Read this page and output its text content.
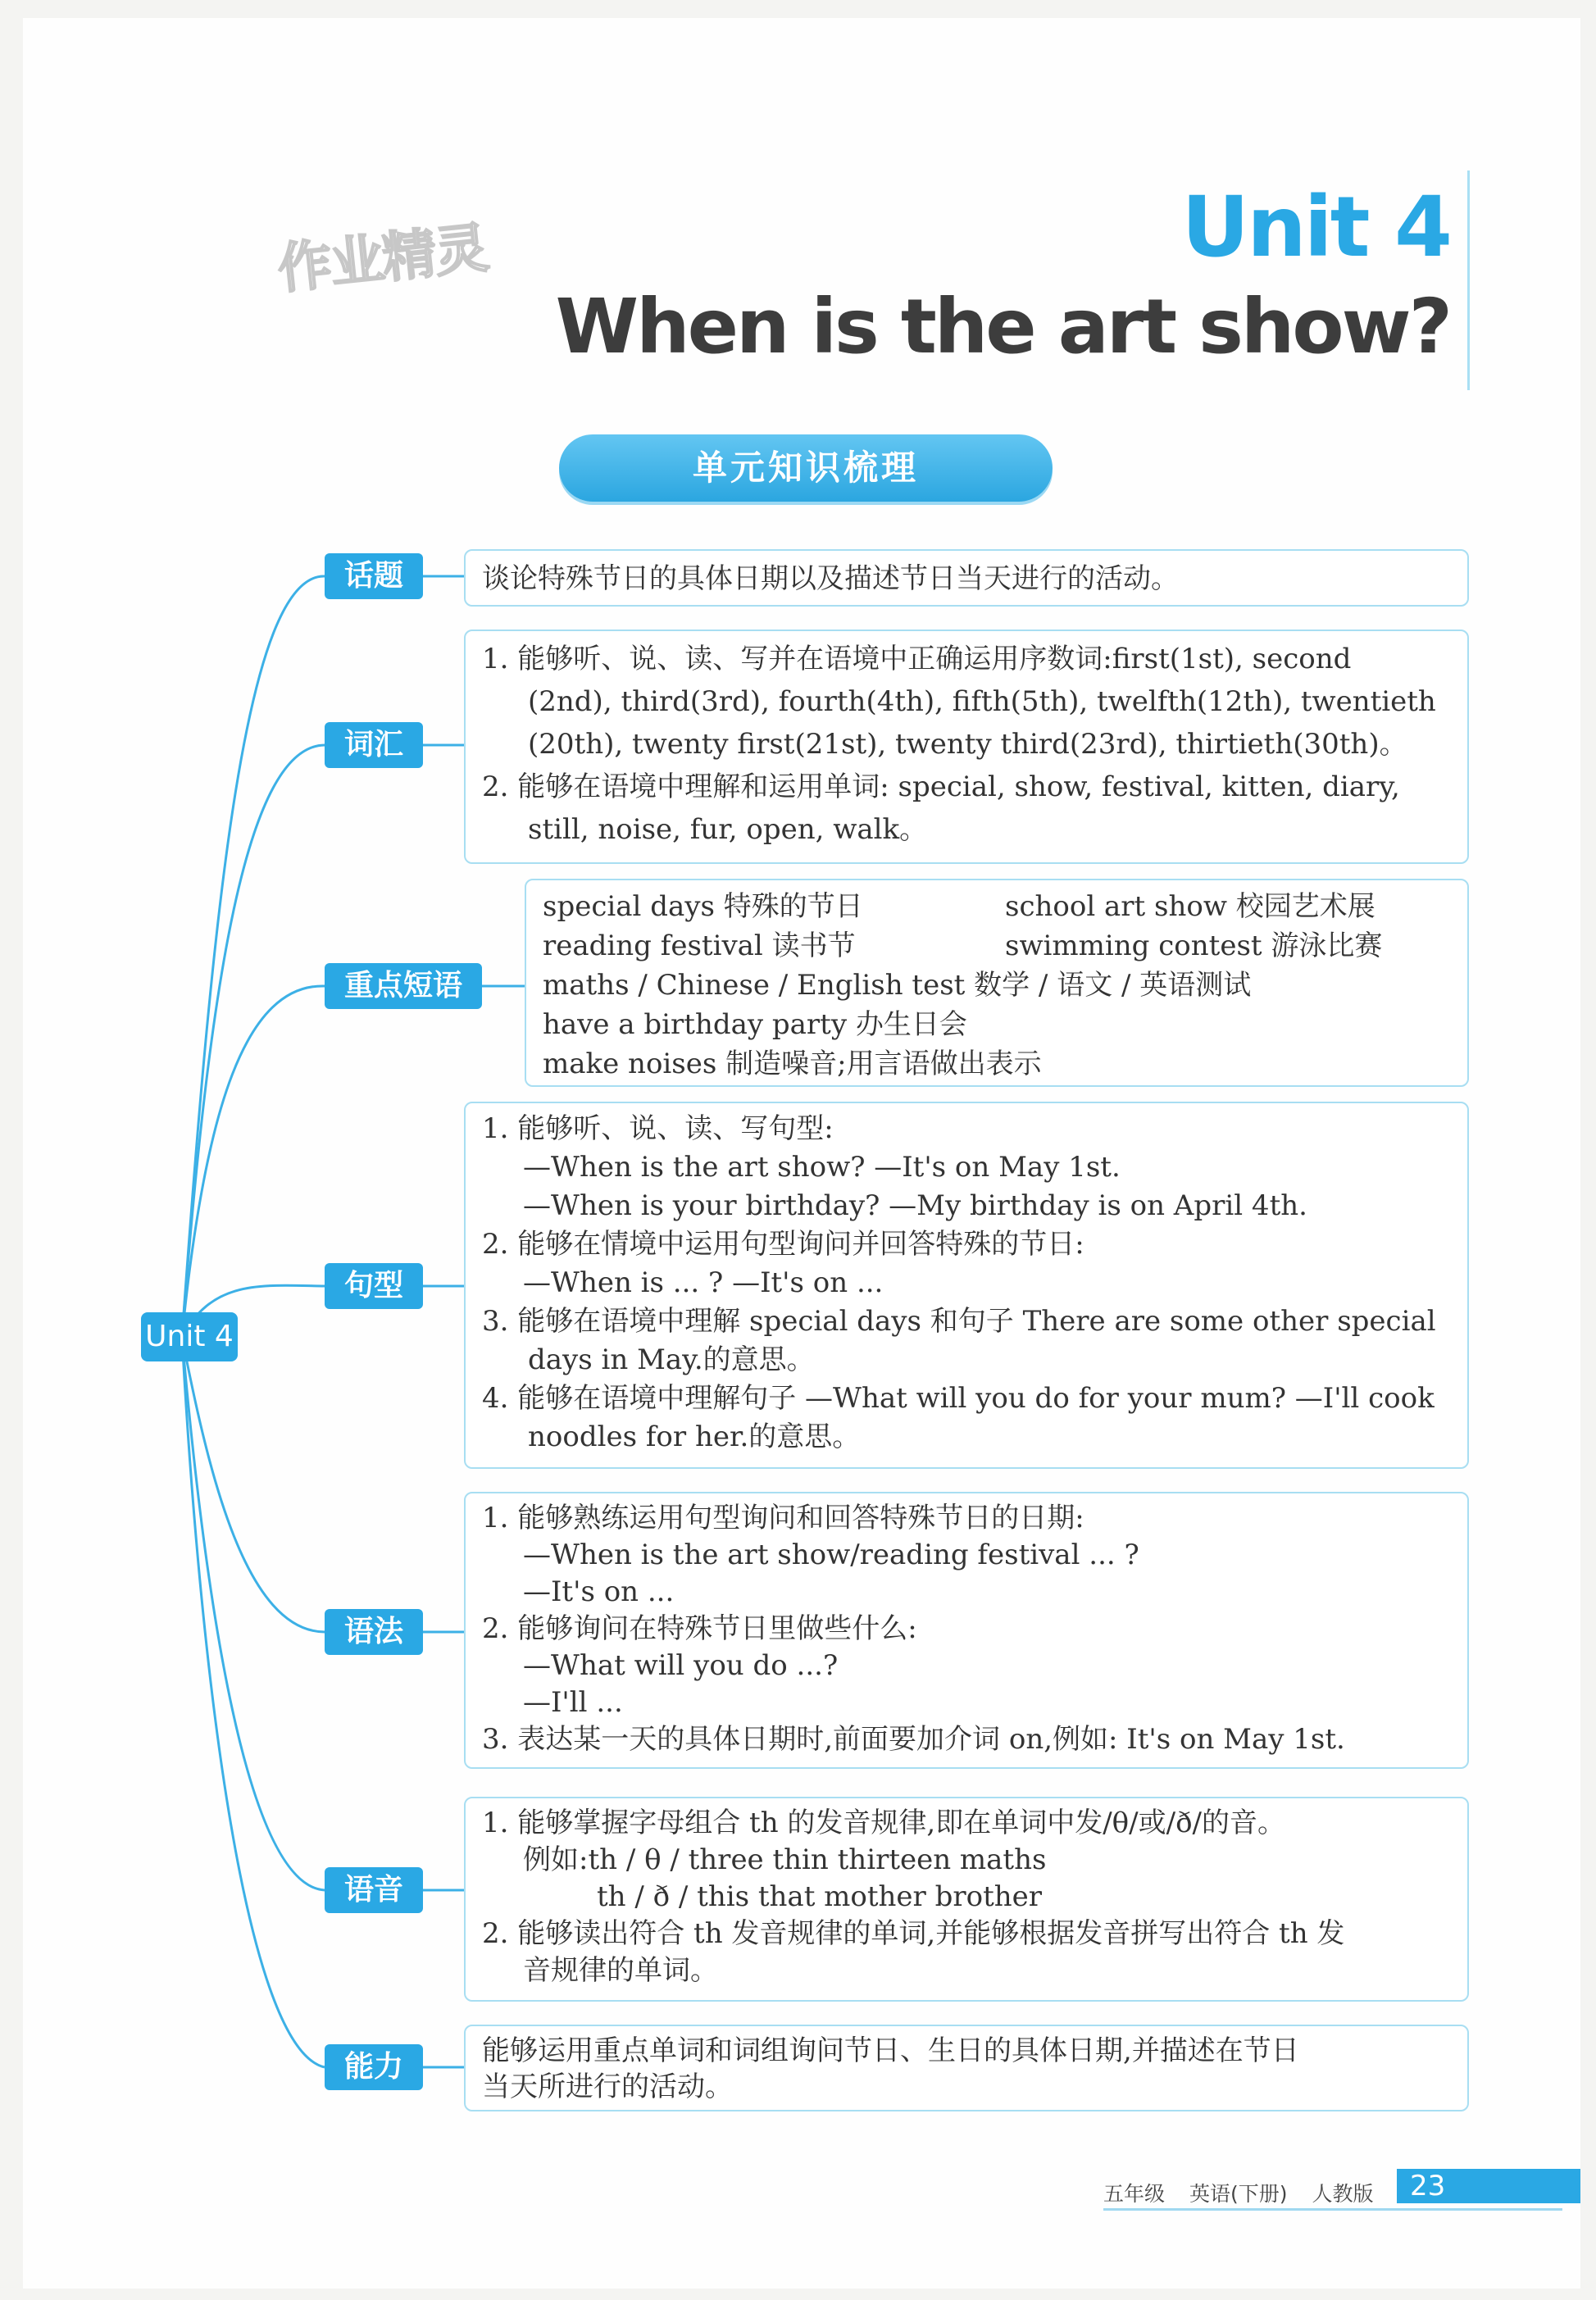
作业精灵	Unit 4
When is the art show?
单元知识梳理
Unit 4
话题	谈论特殊节日的具体日期以及描述节日当天进行的活动。
词汇
1. 能够听、说、读、写并在语境中正确运用序数词:first(1st), second
(2nd), third(3rd), fourth(4th), fifth(5th), twelfth(12th), twentieth
(20th), twenty first(21st), twenty third(23rd), thirtieth(30th)。
2. 能够在语境中理解和运用单词: special, show, festival, kitten, diary,
still, noise, fur, open, walk。
重点短语
special days 特殊的节日	school art show 校园艺术展
reading festival 读书节	swimming contest 游泳比赛
maths / Chinese / English test 数学 / 语文 / 英语测试
have a birthday party 办生日会
make noises 制造噪音;用言语做出表示
句型
1. 能够听、说、读、写句型:
—When is the art show? —It's on May 1st.
—When is your birthday? —My birthday is on April 4th.
2. 能够在情境中运用句型询问并回答特殊的节日:
—When is ... ? —It's on ...
3. 能够在语境中理解 special days 和句子 There are some other special
days in May.的意思。
4. 能够在语境中理解句子 —What will you do for your mum? —I'll cook
noodles for her.的意思。
语法
1. 能够熟练运用句型询问和回答特殊节日的日期:
—When is the art show/reading festival ... ?
—It's on ...
2. 能够询问在特殊节日里做些什么:
—What will you do ...?
—I'll ...
3. 表达某一天的具体日期时,前面要加介词 on,例如: It's on May 1st.
语音
1. 能够掌握字母组合 th 的发音规律,即在单词中发/θ/或/ð/的音。
例如:th / θ / three thin thirteen maths
th / ð / this that mother brother
2. 能够读出符合 th 发音规律的单词,并能够根据发音拼写出符合 th 发
音规律的单词。
能力	能够运用重点单词和词组询问节日、生日的具体日期,并描述在节日
当天所进行的活动。
五年级 英语(下册) 人教版	23
